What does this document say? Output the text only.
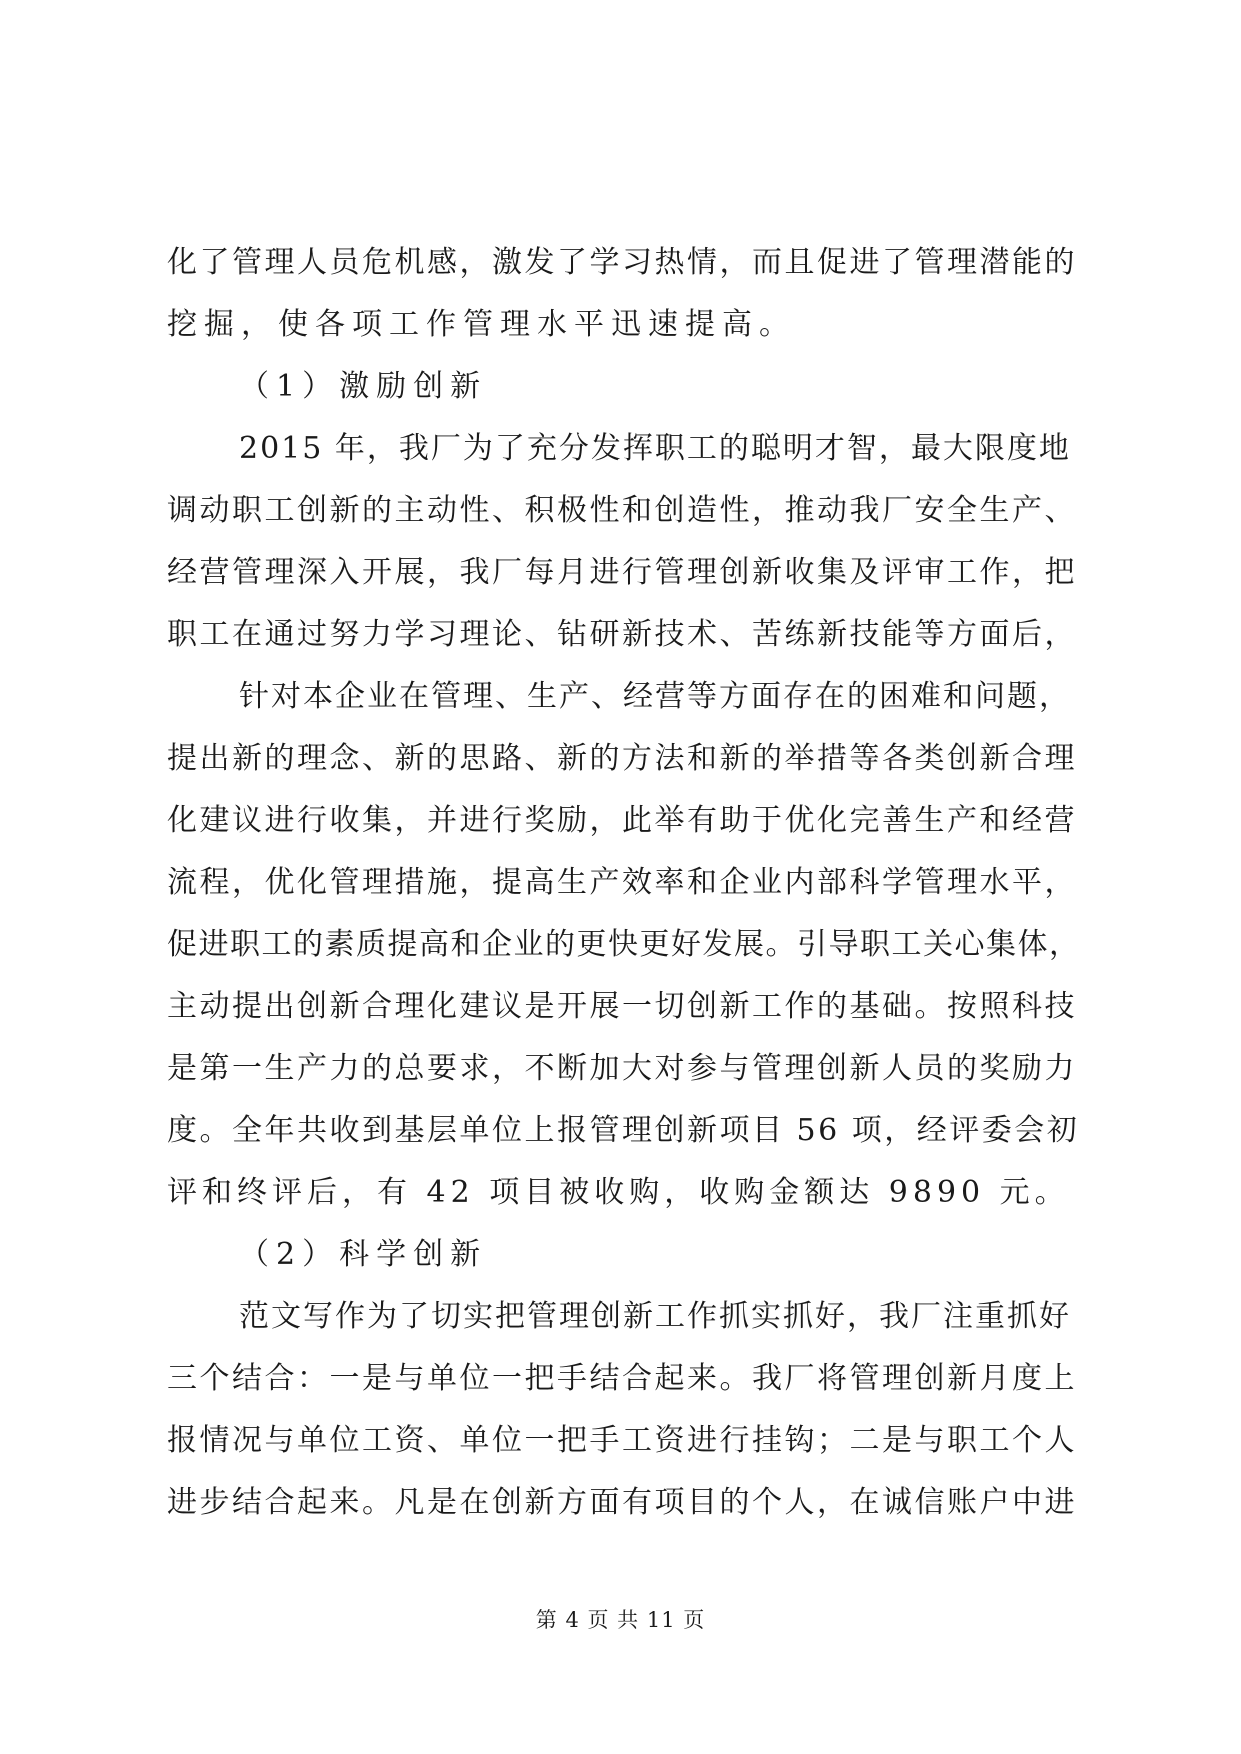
化了管理人员危机感，激发了学习热情，而且促进了管理潜能的
挖掘，使各项工作管理水平迅速提高。
（1）激励创新
2015 年，我厂为了充分发挥职工的聪明才智，最大限度地
调动职工创新的主动性、积极性和创造性，推动我厂安全生产、
经营管理深入开展，我厂每月进行管理创新收集及评审工作，把
职工在通过努力学习理论、钻研新技术、苦练新技能等方面后，
针对本企业在管理、生产、经营等方面存在的困难和问题，
提出新的理念、新的思路、新的方法和新的举措等各类创新合理
化建议进行收集，并进行奖励，此举有助于优化完善生产和经营
流程，优化管理措施，提高生产效率和企业内部科学管理水平，
促进职工的素质提高和企业的更快更好发展。引导职工关心集体，
主动提出创新合理化建议是开展一切创新工作的基础。按照科技
是第一生产力的总要求，不断加大对参与管理创新人员的奖励力
度。全年共收到基层单位上报管理创新项目 56 项，经评委会初
评和终评后，有 42 项目被收购，收购金额达 9890 元。
（2）科学创新
范文写作为了切实把管理创新工作抓实抓好，我厂注重抓好
三个结合：一是与单位一把手结合起来。我厂将管理创新月度上
报情况与单位工资、单位一把手工资进行挂钩；二是与职工个人
进步结合起来。凡是在创新方面有项目的个人，在诚信账户中进
第 4 页 共 11 页
